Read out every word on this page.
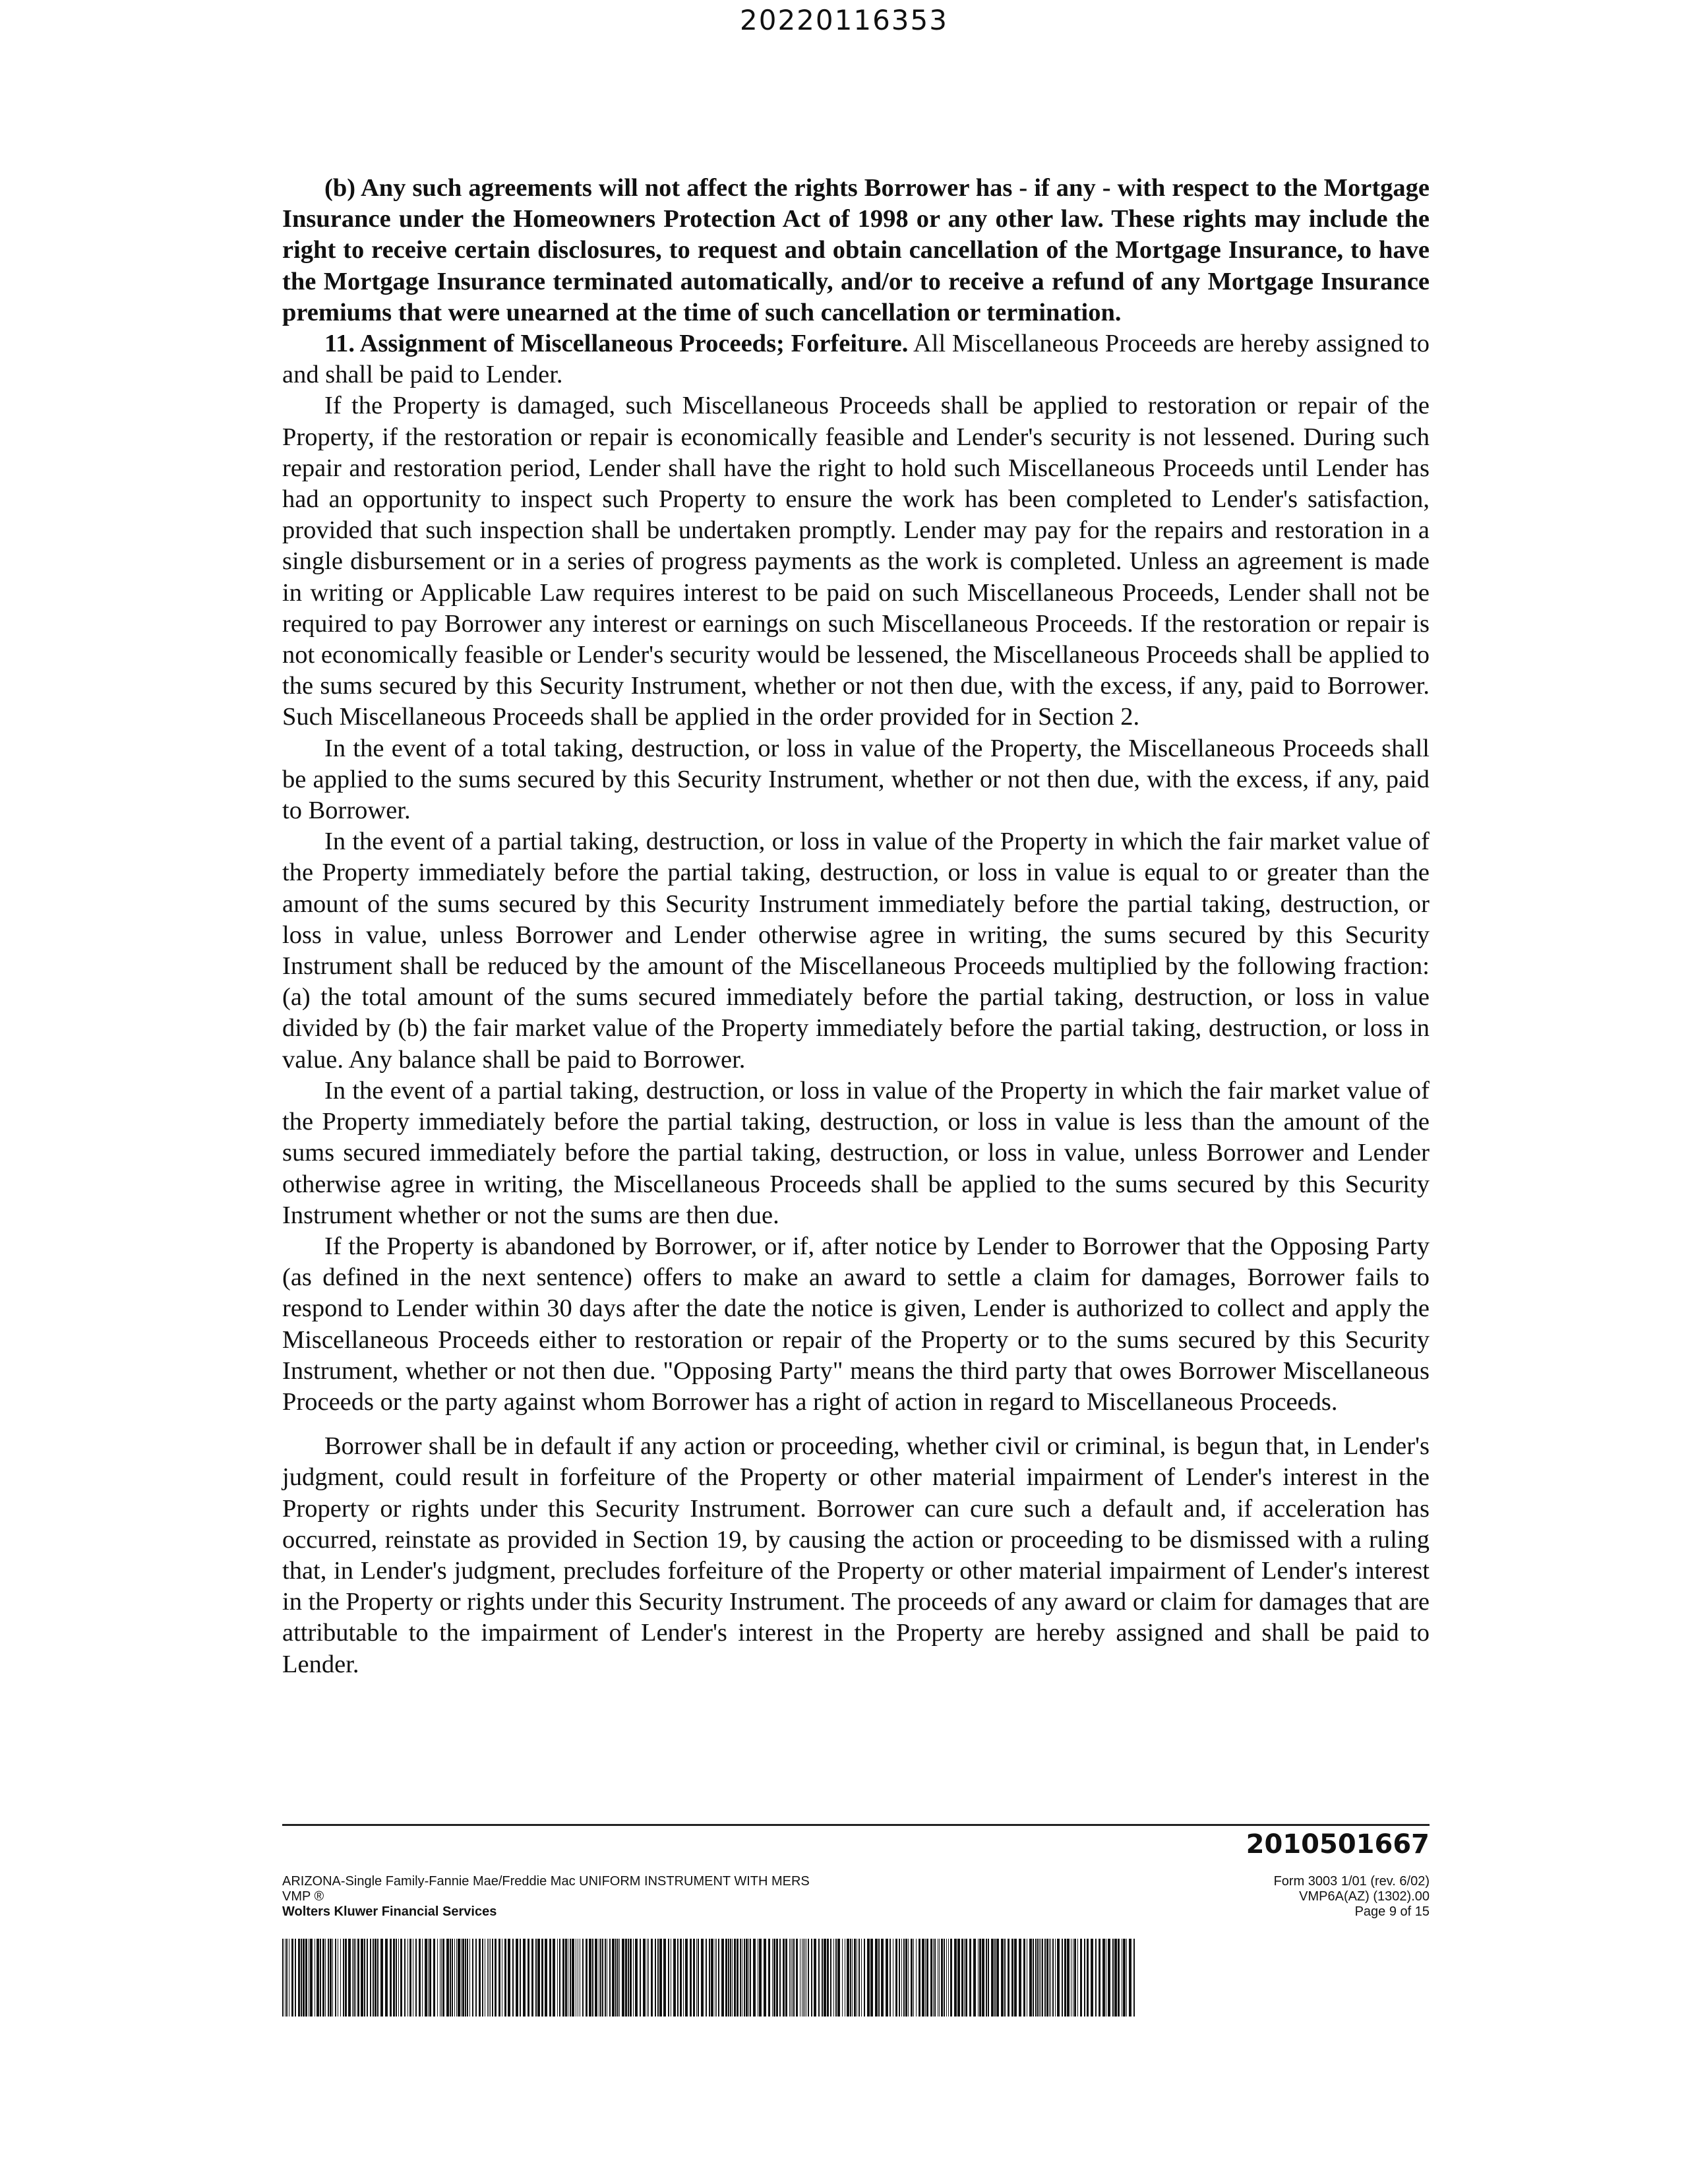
20220116353

(b) Any such agreements will not affect the rights Borrower has - if any - with respect to the Mortgage Insurance under the Homeowners Protection Act of 1998 or any other law. These rights may include the right to receive certain disclosures, to request and obtain cancellation of the Mortgage Insurance, to have the Mortgage Insurance terminated automatically, and/or to receive a refund of any Mortgage Insurance premiums that were unearned at the time of such cancellation or termination.

11. Assignment of Miscellaneous Proceeds; Forfeiture. All Miscellaneous Proceeds are hereby assigned to and shall be paid to Lender.

If the Property is damaged, such Miscellaneous Proceeds shall be applied to restoration or repair of the Property, if the restoration or repair is economically feasible and Lender's security is not lessened. During such repair and restoration period, Lender shall have the right to hold such Miscellaneous Proceeds until Lender has had an opportunity to inspect such Property to ensure the work has been completed to Lender's satisfaction, provided that such inspection shall be undertaken promptly. Lender may pay for the repairs and restoration in a single disbursement or in a series of progress payments as the work is completed. Unless an agreement is made in writing or Applicable Law requires interest to be paid on such Miscellaneous Proceeds, Lender shall not be required to pay Borrower any interest or earnings on such Miscellaneous Proceeds. If the restoration or repair is not economically feasible or Lender's security would be lessened, the Miscellaneous Proceeds shall be applied to the sums secured by this Security Instrument, whether or not then due, with the excess, if any, paid to Borrower. Such Miscellaneous Proceeds shall be applied in the order provided for in Section 2.

In the event of a total taking, destruction, or loss in value of the Property, the Miscellaneous Proceeds shall be applied to the sums secured by this Security Instrument, whether or not then due, with the excess, if any, paid to Borrower.

In the event of a partial taking, destruction, or loss in value of the Property in which the fair market value of the Property immediately before the partial taking, destruction, or loss in value is equal to or greater than the amount of the sums secured by this Security Instrument immediately before the partial taking, destruction, or loss in value, unless Borrower and Lender otherwise agree in writing, the sums secured by this Security Instrument shall be reduced by the amount of the Miscellaneous Proceeds multiplied by the following fraction: (a) the total amount of the sums secured immediately before the partial taking, destruction, or loss in value divided by (b) the fair market value of the Property immediately before the partial taking, destruction, or loss in value. Any balance shall be paid to Borrower.

In the event of a partial taking, destruction, or loss in value of the Property in which the fair market value of the Property immediately before the partial taking, destruction, or loss in value is less than the amount of the sums secured immediately before the partial taking, destruction, or loss in value, unless Borrower and Lender otherwise agree in writing, the Miscellaneous Proceeds shall be applied to the sums secured by this Security Instrument whether or not the sums are then due.

If the Property is abandoned by Borrower, or if, after notice by Lender to Borrower that the Opposing Party (as defined in the next sentence) offers to make an award to settle a claim for damages, Borrower fails to respond to Lender within 30 days after the date the notice is given, Lender is authorized to collect and apply the Miscellaneous Proceeds either to restoration or repair of the Property or to the sums secured by this Security Instrument, whether or not then due. "Opposing Party" means the third party that owes Borrower Miscellaneous Proceeds or the party against whom Borrower has a right of action in regard to Miscellaneous Proceeds.

Borrower shall be in default if any action or proceeding, whether civil or criminal, is begun that, in Lender's judgment, could result in forfeiture of the Property or other material impairment of Lender's interest in the Property or rights under this Security Instrument. Borrower can cure such a default and, if acceleration has occurred, reinstate as provided in Section 19, by causing the action or proceeding to be dismissed with a ruling that, in Lender's judgment, precludes forfeiture of the Property or other material impairment of Lender's interest in the Property or rights under this Security Instrument. The proceeds of any award or claim for damages that are attributable to the impairment of Lender's interest in the Property are hereby assigned and shall be paid to Lender.

2010501667
ARIZONA-Single Family-Fannie Mae/Freddie Mac UNIFORM INSTRUMENT WITH MERS
VMP ®
Wolters Kluwer Financial Services
Form 3003 1/01 (rev. 6/02)
VMP6A(AZ) (1302).00
Page 9 of 15
